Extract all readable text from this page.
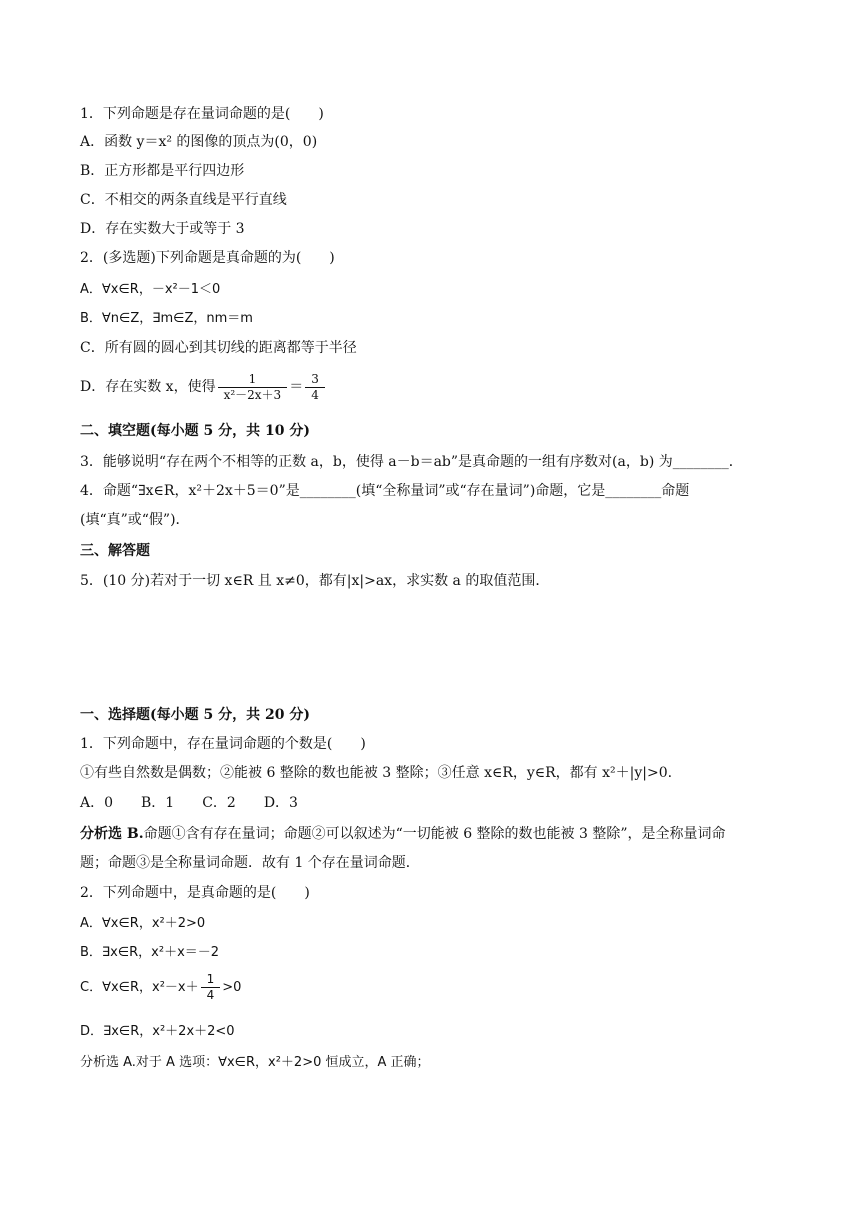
1．下列命题是存在量词命题的是(　　)
A．函数 y＝x² 的图像的顶点为(0，0)
B．正方形都是平行四边形
C．不相交的两条直线是平行直线
D．存在实数大于或等于 3
2．(多选题)下列命题是真命题的为(　　)
A．∀x∈R，－x²－1＜0
B．∀n∈Z，∃m∈Z，nm＝m
C．所有圆的圆心到其切线的距离都等于半径
D．存在实数 x，使得 $\frac{1}{\text{x²－2x＋3}} = \frac{3}{4}$
二、填空题(每小题 5 分，共 10 分)
3．能够说明“存在两个不相等的正数 a，b，使得 a－b＝ab”是真命题的一组有序数对(a，b) 为________．
4．命题“∃x∈R，x²＋2x＋5＝0”是________(填“全称量词”或“存在量词”)命题，它是________命题
(填“真”或“假”)．
三、解答题
5．(10 分)若对于一切 x∈R 且 x≠0，都有|x|>ax，求实数 a 的取值范围．
一、选择题(每小题 5 分，共 20 分)
1．下列命题中，存在量词命题的个数是(　　)
①有些自然数是偶数；②能被 6 整除的数也能被 3 整除；③任意 x∈R，y∈R，都有 x²＋|y|>0.
A．0　　B．1　　C．2　　D．3
分析选 B.命题①含有存在量词；命题②可以叙述为“一切能被 6 整除的数也能被 3 整除”，是全称量词命
题；命题③是全称量词命题．故有 1 个存在量词命题．
2．下列命题中，是真命题的是(　　)
A．∀x∈R，x²＋2>0
B．∃x∈R，x²＋x＝－2
C．∀x∈R，$x^2-x+ \frac{1}{4} >0$
D．∃x∈R，x²＋2x＋2<0
分析选 A.对于 A 选项：∀x∈R，x²＋2>0 恒成立，A 正确；
